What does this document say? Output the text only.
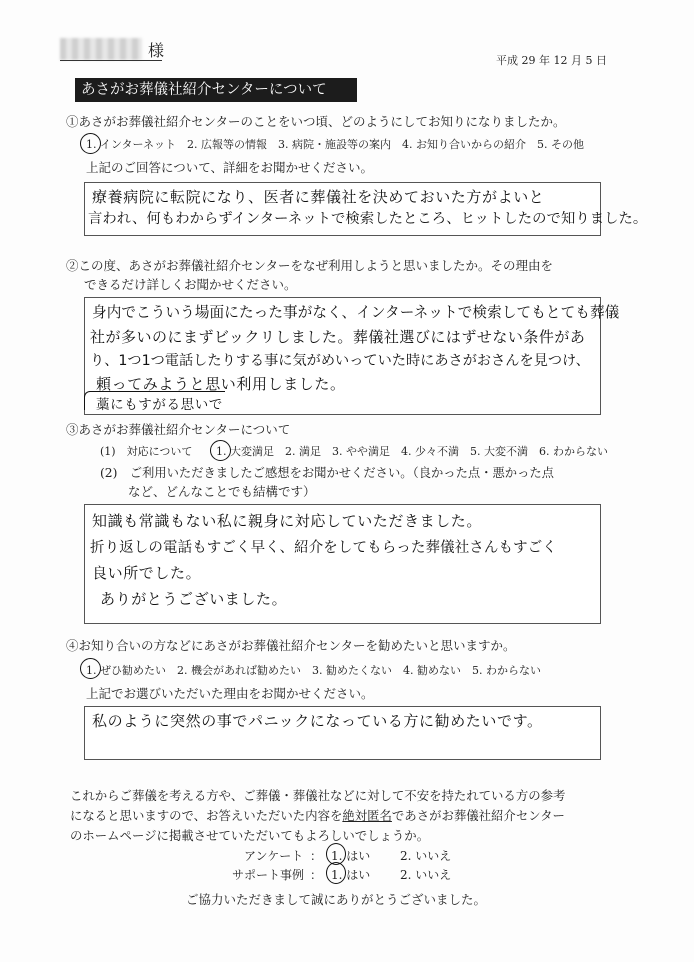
様
平成 29 年 12 月 5 日
あさがお葬儀社紹介センターについて
①あさがお葬儀社紹介センターのことをいつ頃、どのようにしてお知りになりましたか。
1. インターネット　2. 広報等の情報　3. 病院・施設等の案内　4. お知り合いからの紹介　5. その他
上記のご回答について、詳細をお聞かせください。
療養病院に転院になり、医者に葬儀社を決めておいた方がよいと
言われ、何もわからずインターネットで検索したところ、ヒットしたので知りました。
②この度、あさがお葬儀社紹介センターをなぜ利用しようと思いましたか。その理由を
できるだけ詳しくお聞かせください。
身内でこういう場面にたった事がなく、インターネットで検索してもとても葬儀
社が多いのにまずビックリしました。葬儀社選びにはずせない条件があ
り、1つ1つ電話したりする事に気がめいっていた時にあさがおさんを見つけ、
頼ってみようと思い利用しました。
藁にもすがる思いで
③あさがお葬儀社紹介センターについて
(1)　対応について 1. 大変満足　2. 満足　3. やや満足　4. 少々不満　5. 大変不満　6. わからない
(2)　ご利用いただきましたご感想をお聞かせください。（良かった点・悪かった点
など、どんなことでも結構です）
知識も常識もない私に親身に対応していただきました。
折り返しの電話もすごく早く、紹介をしてもらった葬儀社さんもすごく
良い所でした。
ありがとうございました。
④お知り合いの方などにあさがお葬儀社紹介センターを勧めたいと思いますか。
1. ぜひ勧めたい　2. 機会があれば勧めたい　3. 勧めたくない　4. 勧めない　5. わからない
上記でお選びいただいた理由をお聞かせください。
私のように突然の事でパニックになっている方に勧めたいです。
これからご葬儀を考える方や、ご葬儀・葬儀社などに対して不安を持たれている方の参考
になると思いますので、お答えいただいた内容を絶対匿名であさがお葬儀社紹介センター
のホームページに掲載させていただいてもよろしいでしょうか。
アンケート ： 1. はい 2. いいえ
サポート事例 ： 1. はい 2. いいえ
ご協力いただきまして誠にありがとうございました。
